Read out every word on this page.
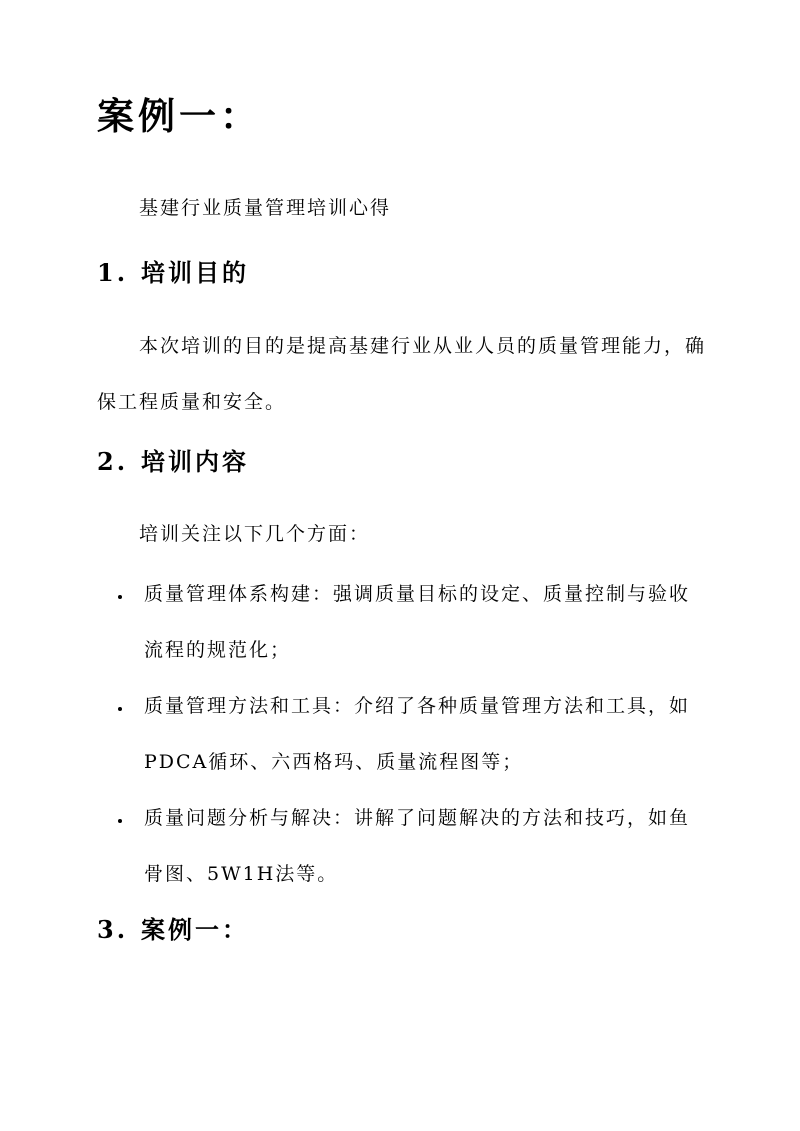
案例一：
基建行业质量管理培训心得
1. 培训目的

本次培训的目的是提高基建行业从业人员的质量管理能力，确保工程质量和安全。

2. 培训内容

培训关注以下几个方面：

质量管理体系构建：强调质量目标的设定、质量控制与验收流程的规范化；
质量管理方法和工具：介绍了各种质量管理方法和工具，如PDCA循环、六西格玛、质量流程图等；
质量问题分析与解决：讲解了问题解决的方法和技巧，如鱼骨图、5W1H法等。
3. 案例一：
